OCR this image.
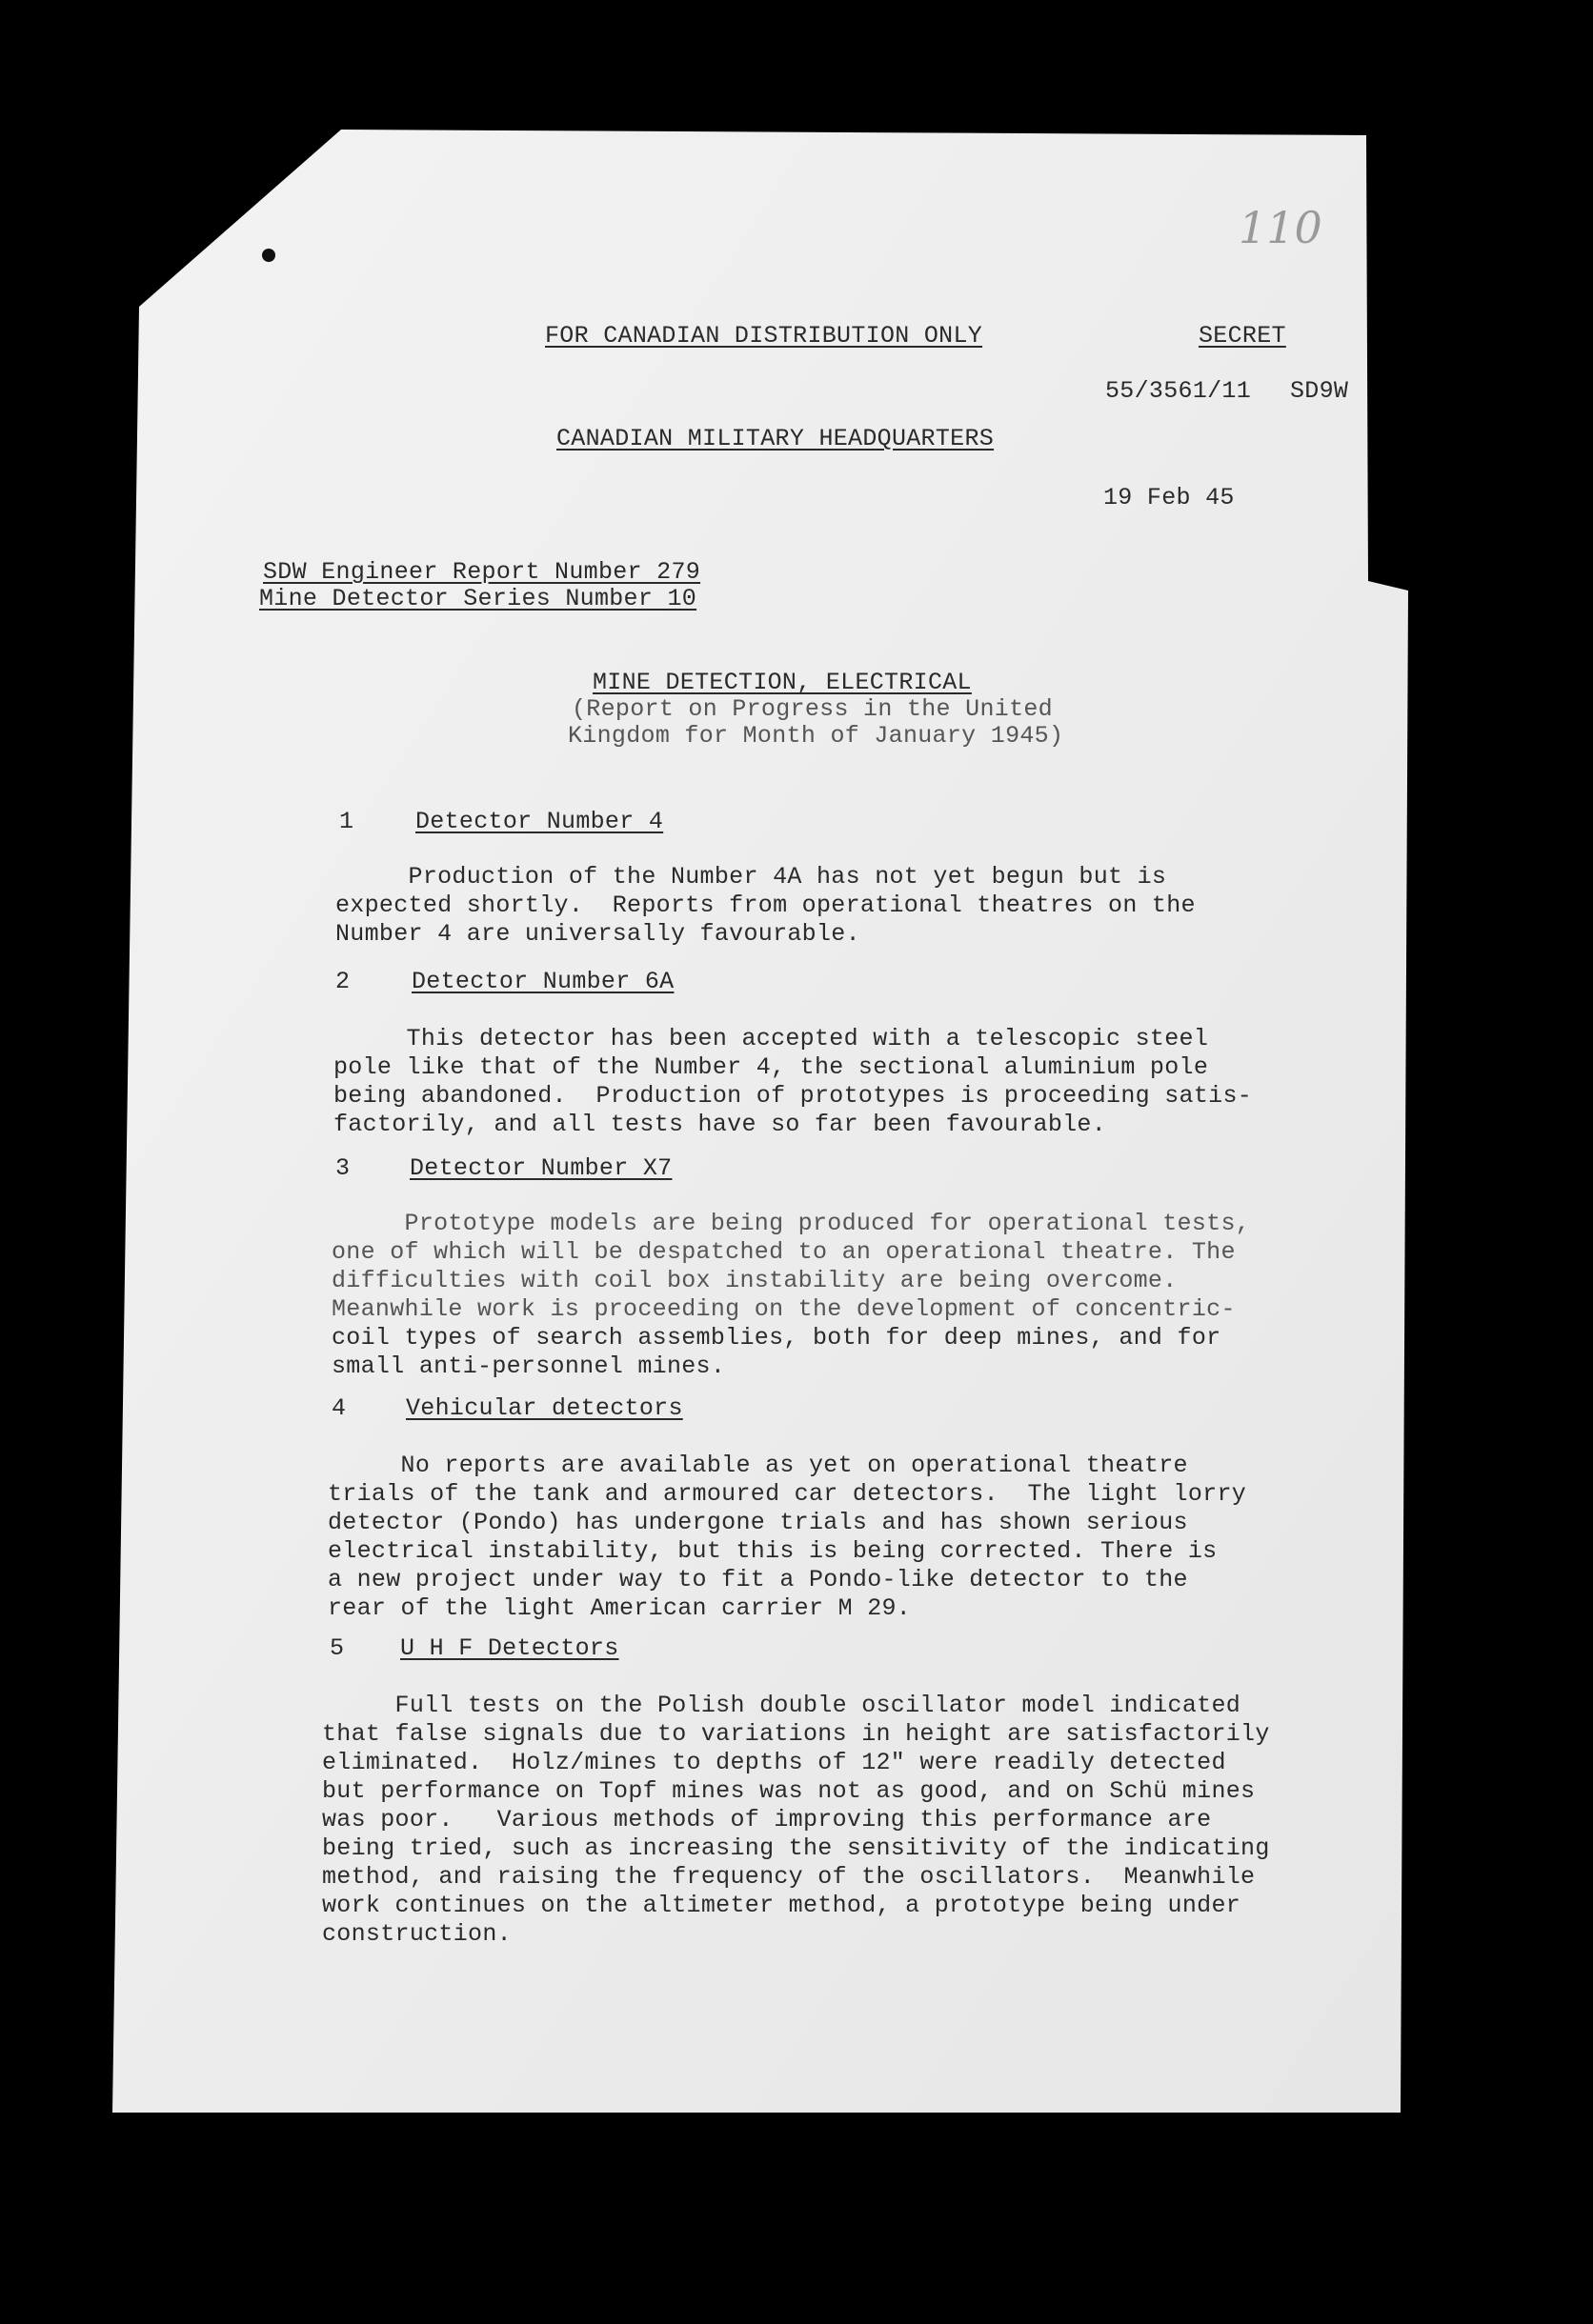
110
FOR CANADIAN DISTRIBUTION ONLY	SECRET
55/3561/11 SD9W
CANADIAN MILITARY HEADQUARTERS
19 Feb 45
SDW Engineer Report Number 279
Mine Detector Series Number 10
MINE DETECTION, ELECTRICAL
(Report on Progress in the United
Kingdom for Month of January 1945)
1	Detector Number 4
Production of the Number 4A has not yet begun but is
expected shortly.  Reports from operational theatres on the
Number 4 are universally favourable.
2	Detector Number 6A
This detector has been accepted with a telescopic steel
pole like that of the Number 4, the sectional aluminium pole
being abandoned.  Production of prototypes is proceeding satis-
factorily, and all tests have so far been favourable.
3	Detector Number X7
Prototype models are being produced for operational tests,
one of which will be despatched to an operational theatre. The
difficulties with coil box instability are being overcome.
Meanwhile work is proceeding on the development of concentric-
coil types of search assemblies, both for deep mines, and for
small anti-personnel mines.
4	Vehicular detectors
No reports are available as yet on operational theatre
trials of the tank and armoured car detectors.  The light lorry
detector (Pondo) has undergone trials and has shown serious
electrical instability, but this is being corrected. There is
a new project under way to fit a Pondo-like detector to the
rear of the light American carrier M 29.
5 U H F Detectors
Full tests on the Polish double oscillator model indicated
that false signals due to variations in height are satisfactorily
eliminated.  Holz/mines to depths of 12" were readily detected
but performance on Topf mines was not as good, and on Schü mines
was poor.   Various methods of improving this performance are
being tried, such as increasing the sensitivity of the indicating
method, and raising the frequency of the oscillators.  Meanwhile
work continues on the altimeter method, a prototype being under
construction.
